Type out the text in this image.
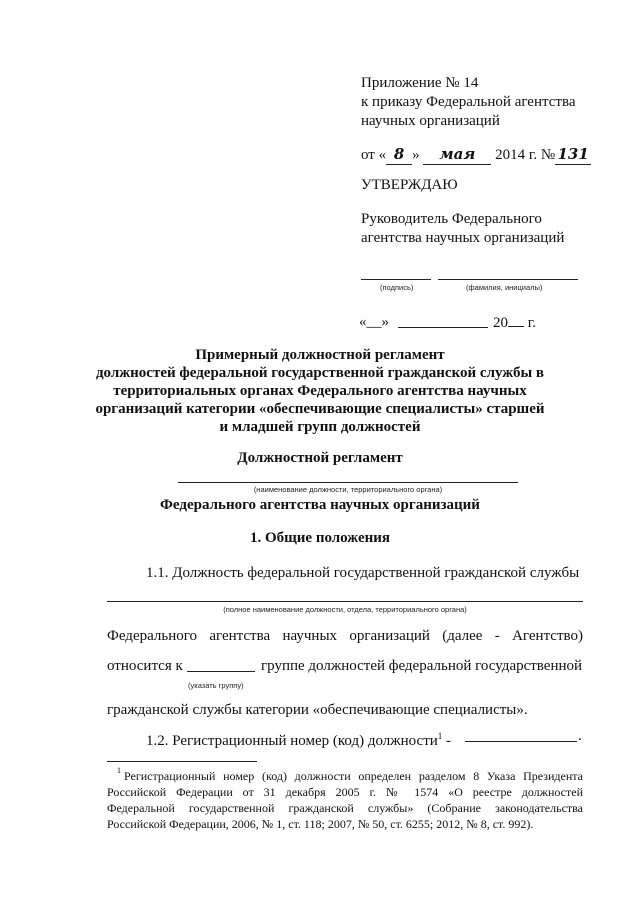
Приложение № 14
к приказу Федеральной агентства
научных организаций
от « 8 » мая 2014 г. № 131
УТВЕРЖДАЮ
Руководитель Федерального
агентства научных организаций
(подпись)	(фамилия, инициалы)
«__»	20 г.
Примерный должностной регламент
должностей федеральной государственной гражданской службы в
территориальных органах Федерального агентства научных
организаций категории «обеспечивающие специалисты» старшей
и младшей групп должностей
Должностной регламент
(наименование должности, территориального органа)
Федерального агентства научных организаций
1. Общие положения
1.1. Должность федеральной государственной гражданской службы
(полное наименование должности, отдела, территориального органа)
Федерального агентства научных организаций (далее - Агентство)
относится к	группе должностей федеральной государственной
(указать группу)
гражданской службы категории «обеспечивающие специалисты».
1.2. Регистрационный номер (код) должности$^1$ -	.
$^1$ Регистрационный номер (код) должности определен разделом 8 Указа Президента
Российской Федерации от 31 декабря 2005 г. № 1574 «О реестре должностей
Федеральной государственной гражданской службы» (Собрание законодательства
Российской Федерации, 2006, № 1, ст. 118; 2007, № 50, ст. 6255; 2012, № 8, ст. 992).
